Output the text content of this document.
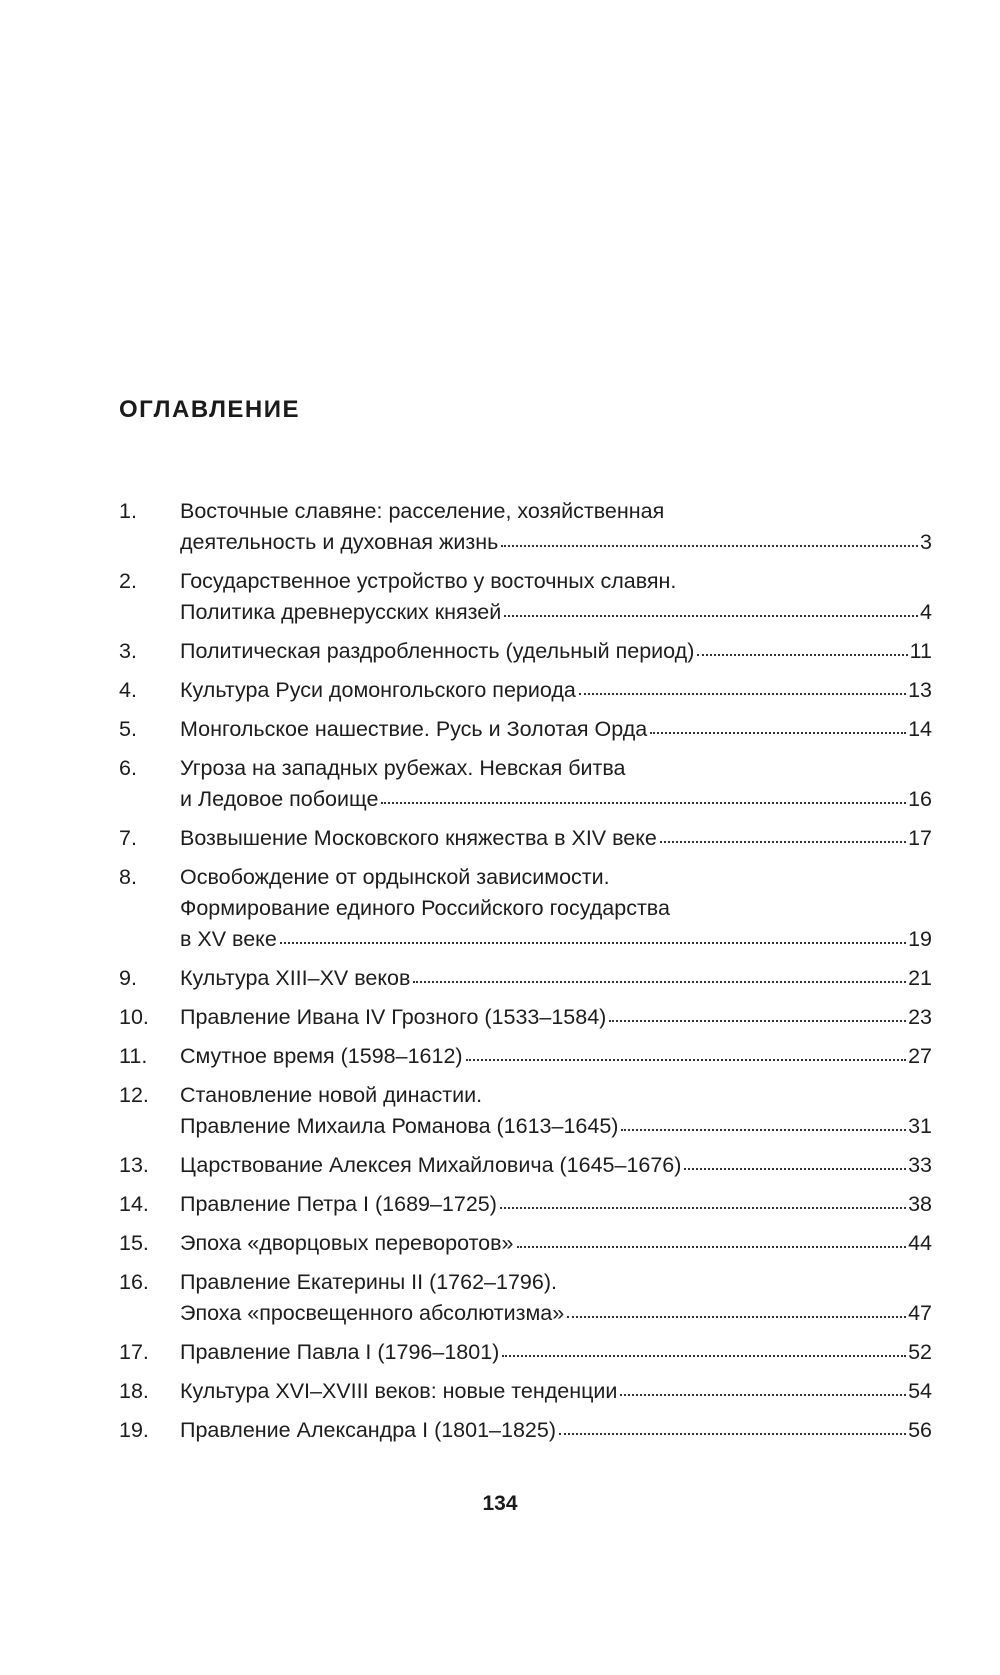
ОГЛАВЛЕНИЕ
1.	Восточные славяне: расселение, хозяйственная
деятельность и духовная жизнь	3
2.	Государственное устройство у восточных славян.
Политика древнерусских князей	4
3.	Политическая раздробленность (удельный период)	11
4.	Культура Руси домонгольского периода	13
5.	Монгольское нашествие. Русь и Золотая Орда	14
6.	Угроза на западных рубежах. Невская битва
и Ледовое побоище	16
7.	Возвышение Московского княжества в XIV веке	17
8.	Освобождение от ордынской зависимости.
Формирование единого Российского государства
в XV веке	19
9.	Культура XIII–XV веков	21
10.	Правление Ивана IV Грозного (1533–1584)	23
11.	Смутное время (1598–1612)	27
12.	Становление новой династии.
Правление Михаила Романова (1613–1645)	31
13.	Царствование Алексея Михайловича (1645–1676)	33
14.	Правление Петра I (1689–1725)	38
15.	Эпоха «дворцовых переворотов»	44
16.	Правление Екатерины II (1762–1796).
Эпоха «просвещенного абсолютизма»	47
17.	Правление Павла I (1796–1801)	52
18.	Культура XVI–XVIII веков: новые тенденции	54
19.	Правление Александра I (1801–1825)	56
134
